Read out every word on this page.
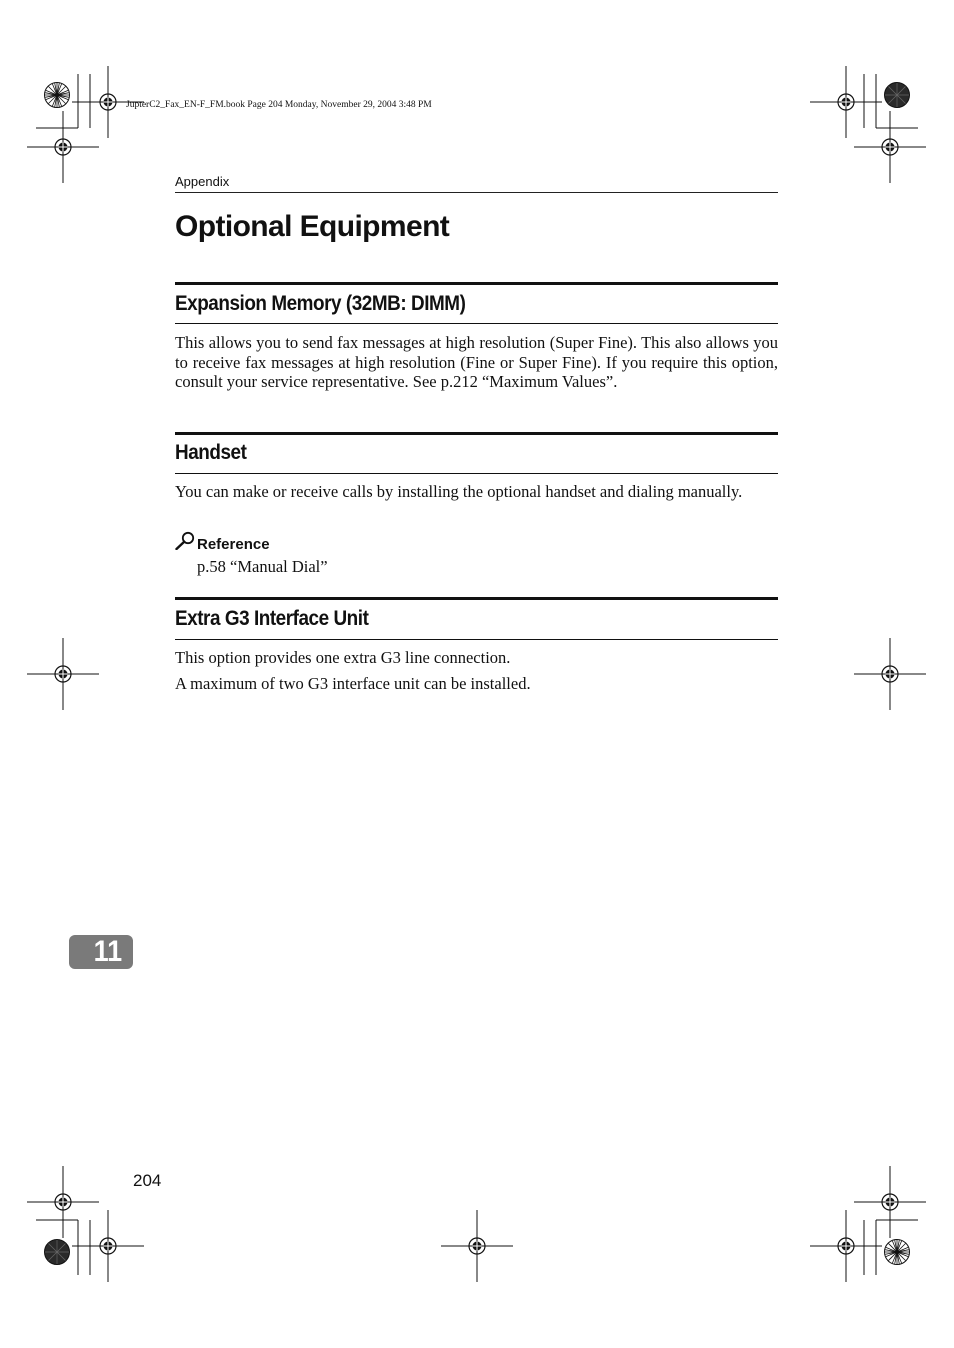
JupterC2_Fax_EN-F_FM.book Page 204 Monday, November 29, 2004 3:48 PM
Appendix
Optional Equipment
Expansion Memory (32MB: DIMM)

This allows you to send fax messages at high resolution (Super Fine). This also allows you to receive fax messages at high resolution (Fine or Super Fine). If you require this option, consult your service representative. See p.212 “Maximum Values”.

Handset

You can make or receive calls by installing the optional handset and dialing manually.

Reference
p.58 “Manual Dial”
Extra G3 Interface Unit

This option provides one extra G3 line connection.

A maximum of two G3 interface unit can be installed.

11
204
